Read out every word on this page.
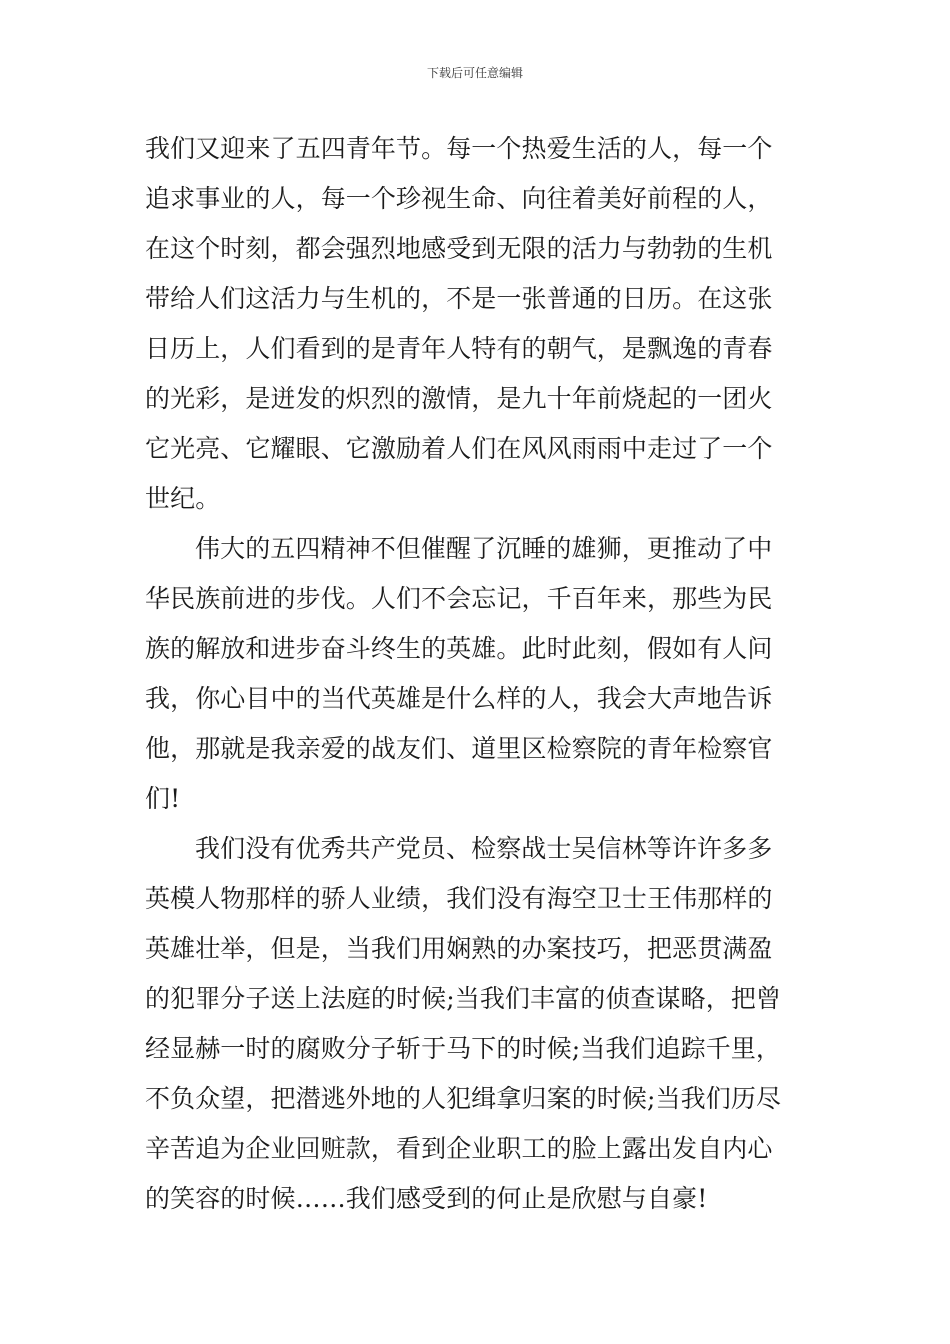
下载后可任意编辑
我们又迎来了五四青年节。每一个热爱生活的人，每一个
追求事业的人，每一个珍视生命、向往着美好前程的人，
在这个时刻，都会强烈地感受到无限的活力与勃勃的生机
带给人们这活力与生机的，不是一张普通的日历。在这张
日历上，人们看到的是青年人特有的朝气，是飘逸的青春
的光彩，是迸发的炽烈的激情，是九十年前烧起的一团火
它光亮、它耀眼、它激励着人们在风风雨雨中走过了一个
世纪。
伟大的五四精神不但催醒了沉睡的雄狮，更推动了中
华民族前进的步伐。人们不会忘记，千百年来，那些为民
族的解放和进步奋斗终生的英雄。此时此刻，假如有人问
我，你心目中的当代英雄是什么样的人，我会大声地告诉
他，那就是我亲爱的战友们、道里区检察院的青年检察官
们!
我们没有优秀共产党员、检察战士吴信林等许许多多
英模人物那样的骄人业绩，我们没有海空卫士王伟那样的
英雄壮举，但是，当我们用娴熟的办案技巧，把恶贯满盈
的犯罪分子送上法庭的时候;当我们丰富的侦查谋略，把曾
经显赫一时的腐败分子斩于马下的时候;当我们追踪千里，
不负众望，把潜逃外地的人犯缉拿归案的时候;当我们历尽
辛苦追为企业回赃款，看到企业职工的脸上露出发自内心
的笑容的时候……我们感受到的何止是欣慰与自豪!
